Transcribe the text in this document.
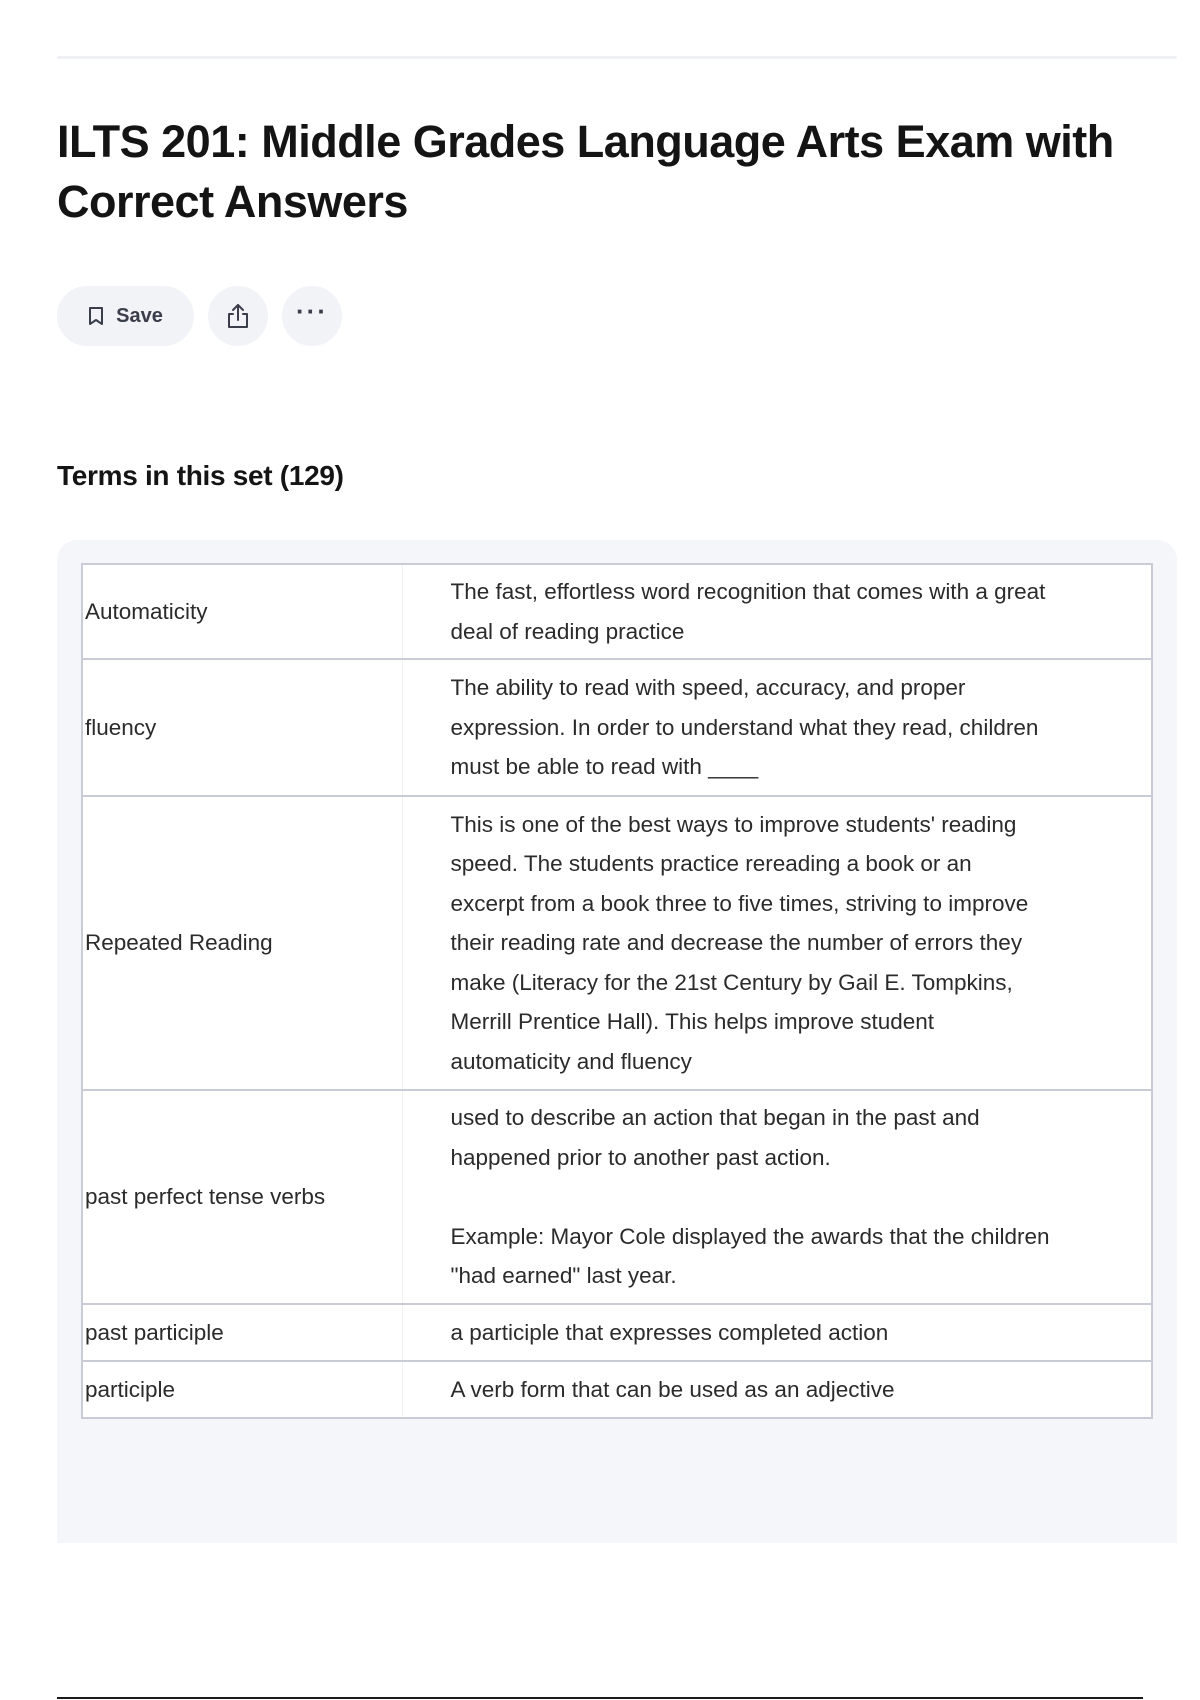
ILTS 201: Middle Grades Language Arts Exam with Correct Answers
Save	···
Terms in this set (129)
Automaticity	The fast, effortless word recognition that comes with a great deal of reading practice
fluency	The ability to read with speed, accuracy, and proper expression. In order to understand what they read, children must be able to read with ____
Repeated Reading	This is one of the best ways to improve students' reading speed. The students practice rereading a book or an excerpt from a book three to five times, striving to improve their reading rate and decrease the number of errors they make (Literacy for the 21st Century by Gail E. Tompkins, Merrill Prentice Hall). This helps improve student automaticity and fluency
past perfect tense verbs	used to describe an action that began in the past and happened prior to another past action.

Example: Mayor Cole displayed the awards that the children "had earned" last year.
past participle	a participle that expresses completed action
participle	A verb form that can be used as an adjective
